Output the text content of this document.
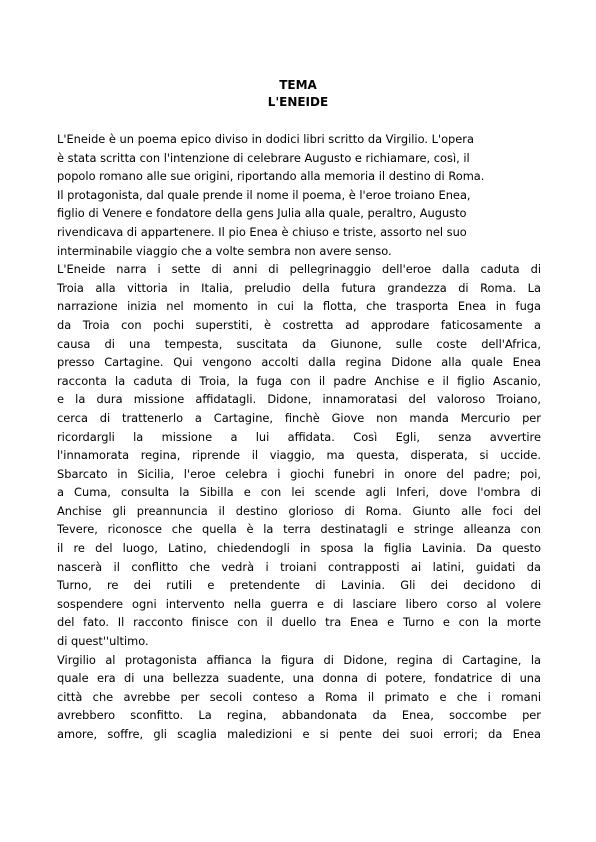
TEMA
L'ENEIDE
L'Eneide è un poema epico diviso in dodici libri scritto da Virgilio. L'opera
è stata scritta con l'intenzione di celebrare Augusto e richiamare, così, il
popolo romano alle sue origini, riportando alla memoria il destino di Roma.
Il protagonista, dal quale prende il nome il poema, è l'eroe troiano Enea,
figlio di Venere e fondatore della gens Julia alla quale, peraltro, Augusto
rivendicava di appartenere. Il pio Enea è chiuso e triste, assorto nel suo
interminabile viaggio che a volte sembra non avere senso.
L'Eneide narra i sette di anni di pellegrinaggio dell'eroe dalla caduta di
Troia alla vittoria in Italia, preludio della futura grandezza di Roma. La
narrazione inizia nel momento in cui la flotta, che trasporta Enea in fuga
da Troia con pochi superstiti, è costretta ad approdare faticosamente a
causa di una tempesta, suscitata da Giunone, sulle coste dell'Africa,
presso Cartagine. Qui vengono accolti dalla regina Didone alla quale Enea
racconta la caduta di Troia, la fuga con il padre Anchise e il figlio Ascanio,
e la dura missione affidatagli. Didone, innamoratasi del valoroso Troiano,
cerca di trattenerlo a Cartagine, finchè Giove non manda Mercurio per
ricordargli la missione a lui affidata. Così Egli, senza avvertire
l'innamorata regina, riprende il viaggio, ma questa, disperata, si uccide.
Sbarcato in Sicilia, l'eroe celebra i giochi funebri in onore del padre; poi,
a Cuma, consulta la Sibilla e con lei scende agli Inferi, dove l'ombra di
Anchise gli preannuncia il destino glorioso di Roma. Giunto alle foci del
Tevere, riconosce che quella è la terra destinatagli e stringe alleanza con
il re del luogo, Latino, chiedendogli in sposa la figlia Lavinia. Da questo
nascerà il conflitto che vedrà i troiani contrapposti ai latini, guidati da
Turno, re dei rutili e pretendente di Lavinia. Gli dei decidono di
sospendere ogni intervento nella guerra e di lasciare libero corso al volere
del fato. Il racconto finisce con il duello tra Enea e Turno e con la morte
di quest''ultimo.
Virgilio al protagonista affianca la figura di Didone, regina di Cartagine, la
quale era di una bellezza suadente, una donna di potere, fondatrice di una
città che avrebbe per secoli conteso a Roma il primato e che i romani
avrebbero sconfitto. La regina, abbandonata da Enea, soccombe per
amore, soffre, gli scaglia maledizioni e si pente dei suoi errori; da Enea
